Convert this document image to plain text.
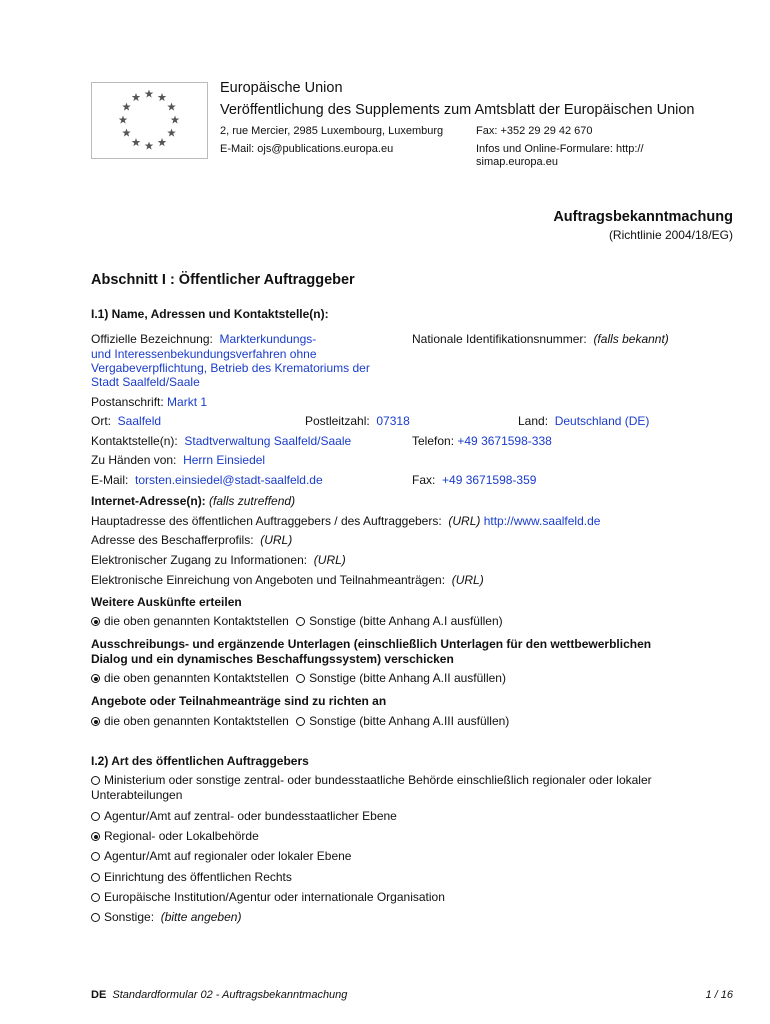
Europäische Union
Veröffentlichung des Supplements zum Amtsblatt der Europäischen Union
2, rue Mercier, 2985 Luxembourg, Luxemburg	Fax: +352 29 29 42 670
E-Mail: ojs@publications.europa.eu	Infos und Online-Formulare: http://
simap.europa.eu
Auftragsbekanntmachung
(Richtlinie 2004/18/EG)
Abschnitt I : Öffentlicher Auftraggeber
I.1) Name, Adressen und Kontaktstelle(n):
Offizielle Bezeichnung: Markterkundungs-
und Interessenbekundungsverfahren ohne
Vergabeverpflichtung, Betrieb des Krematoriums der
Stadt Saalfeld/Saale
Nationale Identifikationsnummer: (falls bekannt)
Postanschrift: Markt 1
Ort: Saalfeld	Postleitzahl: 07318	Land: Deutschland (DE)
Kontaktstelle(n): Stadtverwaltung Saalfeld/Saale	Telefon: +49 3671598-338
Zu Händen von: Herrn Einsiedel
E-Mail: torsten.einsiedel@stadt-saalfeld.de	Fax: +49 3671598-359
Internet-Adresse(n): (falls zutreffend)
Hauptadresse des öffentlichen Auftraggebers / des Auftraggebers: (URL) http://www.saalfeld.de
Adresse des Beschafferprofils: (URL)
Elektronischer Zugang zu Informationen: (URL)
Elektronische Einreichung von Angeboten und Teilnahmeanträgen: (URL)
Weitere Auskünfte erteilen
die oben genannten Kontaktstellen Sonstige (bitte Anhang A.I ausfüllen)
Ausschreibungs- und ergänzende Unterlagen (einschließlich Unterlagen für den wettbewerblichen
Dialog und ein dynamisches Beschaffungssystem) verschicken
die oben genannten Kontaktstellen Sonstige (bitte Anhang A.II ausfüllen)
Angebote oder Teilnahmeanträge sind zu richten an
die oben genannten Kontaktstellen Sonstige (bitte Anhang A.III ausfüllen)
I.2) Art des öffentlichen Auftraggebers
Ministerium oder sonstige zentral- oder bundesstaatliche Behörde einschließlich regionaler oder lokaler
Unterabteilungen
Agentur/Amt auf zentral- oder bundesstaatlicher Ebene
Regional- oder Lokalbehörde
Agentur/Amt auf regionaler oder lokaler Ebene
Einrichtung des öffentlichen Rechts
Europäische Institution/Agentur oder internationale Organisation
Sonstige: (bitte angeben)
DE Standardformular 02 - Auftragsbekanntmachung	1 / 16
